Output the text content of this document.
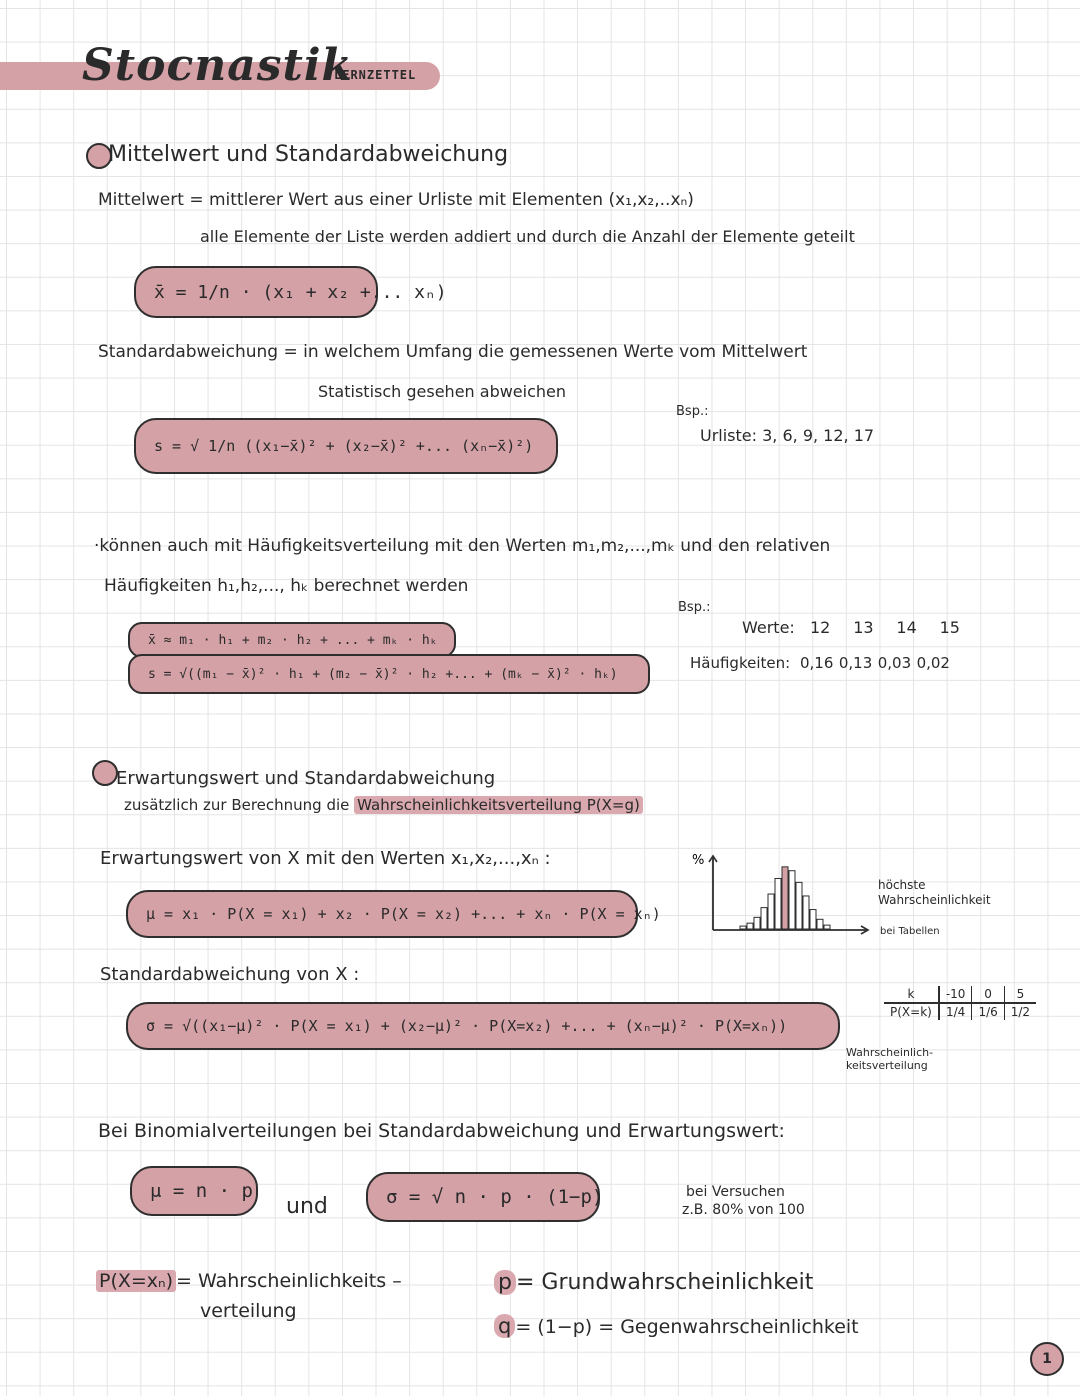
Stocnastik
LERNZETTEL
Mittelwert und Standardabweichung
Mittelwert = mittlerer Wert aus einer Urliste mit Elementen (x₁,x₂,..xₙ)
alle Elemente der Liste werden addiert und durch die Anzahl der Elemente geteilt
x̄ = 1/n · (x₁ + x₂ +... xₙ)
Standardabweichung = in welchem Umfang die gemessenen Werte vom Mittelwert
Statistisch gesehen abweichen
Bsp.:
Urliste: 3, 6, 9, 12, 17
s = √ 1/n ((x₁−x̄)² + (x₂−x̄)² +... (xₙ−x̄)²)
·können auch mit Häufigkeitsverteilung mit den Werten m₁,m₂,...,mₖ und den relativen
Häufigkeiten h₁,h₂,..., hₖ berechnet werden
Bsp.:
Werte: 12 13 14 15
Häufigkeiten: 0,16 0,13 0,03 0,02
x̄ ≈ m₁ · h₁ + m₂ · h₂ + ... + mₖ · hₖ
s = √((m₁ − x̄)² · h₁ + (m₂ − x̄)² · h₂ +... + (mₖ − x̄)² · hₖ)
Erwartungswert und Standardabweichung
zusätzlich zur Berechnung die Wahrscheinlichkeitsverteilung P(X=g)
Erwartungswert von X mit den Werten x₁,x₂,...,xₙ :
μ = x₁ · P(X = x₁) + x₂ · P(X = x₂) +... + xₙ · P(X = xₙ)
%
höchste Wahrscheinlichkeit
bei Tabellen
Standardabweichung von X :
σ = √((x₁−μ)² · P(X = x₁) + (x₂−μ)² · P(X=x₂) +... + (xₙ−μ)² · P(X=xₙ))
k	-10	0	5
P(X=k)	1/4	1/6	1/2
Wahrscheinlich-keitsverteilung
Bei Binomialverteilungen bei Standardabweichung und Erwartungswert:
μ = n · p
und	σ = √ n · p · (1−p)	bei Versuchen
z.B. 80% von 100
P(X=xₙ) = Wahrscheinlichkeits –
verteilung
p = Grundwahrscheinlichkeit
q = (1−p) = Gegenwahrscheinlichkeit
1
